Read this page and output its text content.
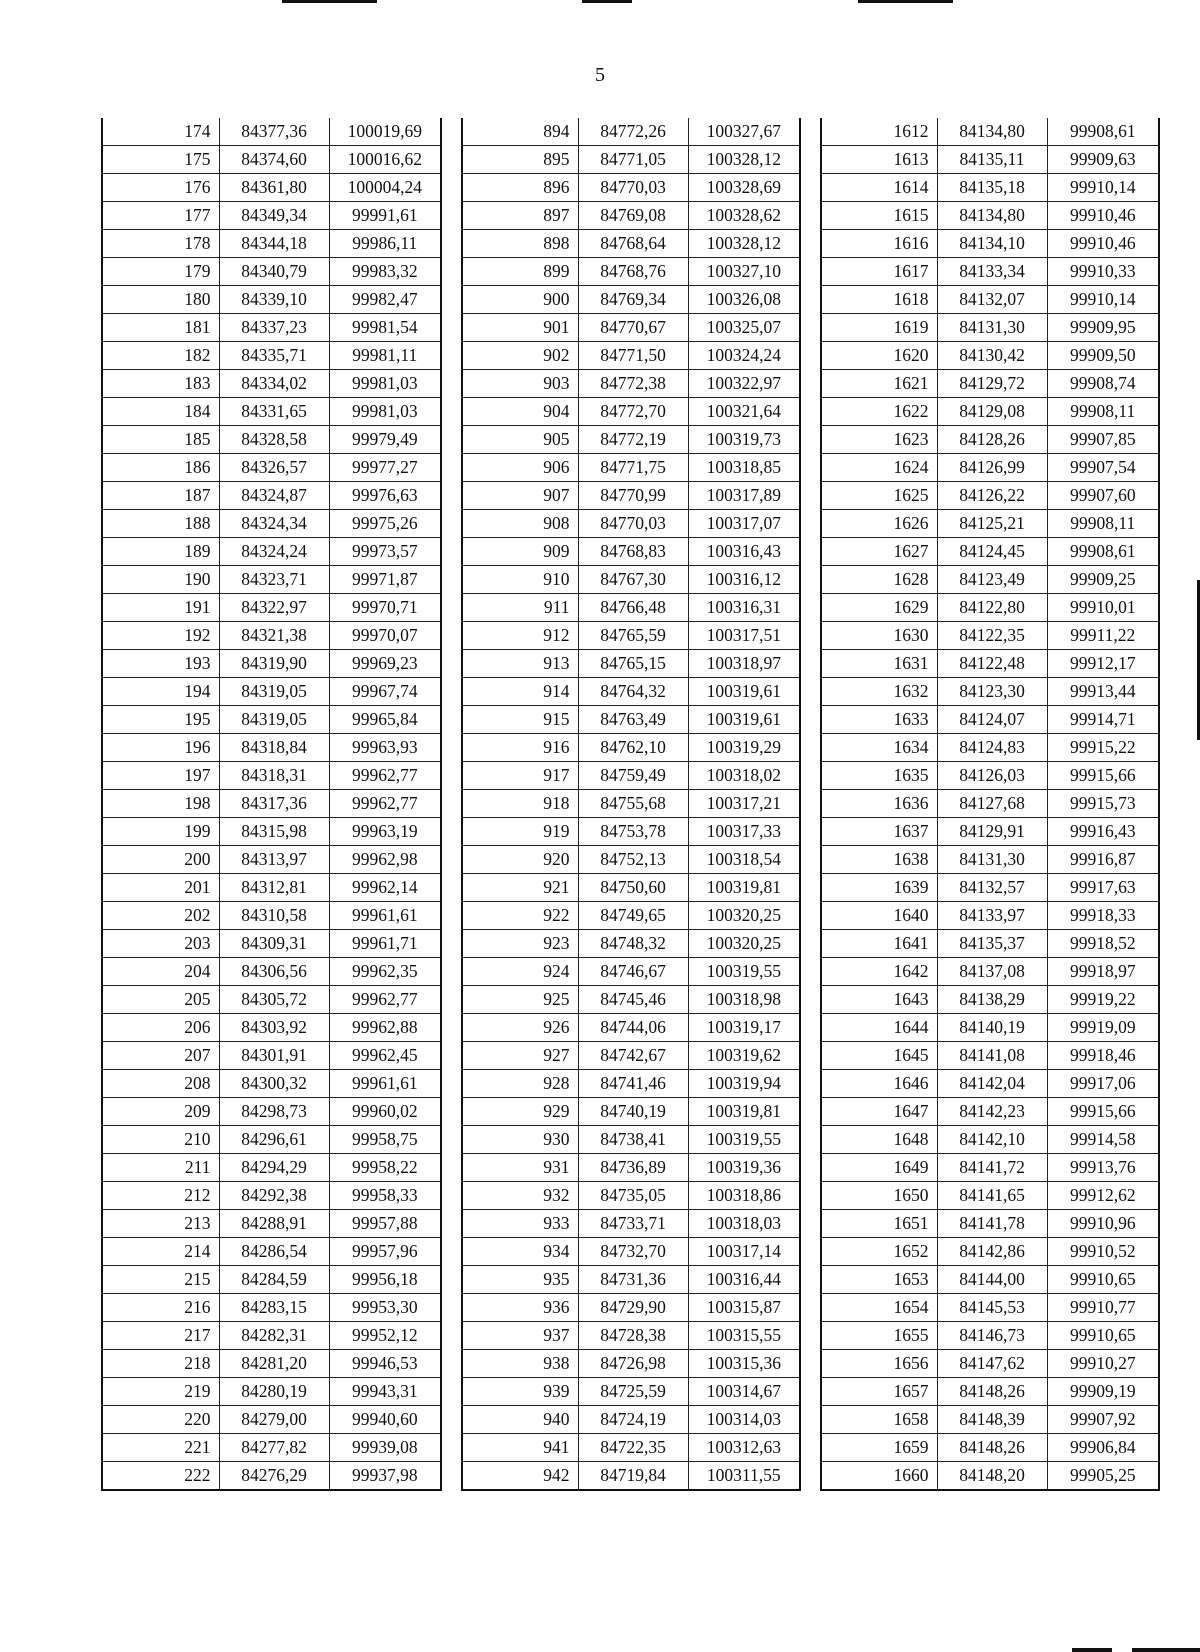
5
174	84377,36	100019,69
175	84374,60	100016,62
176	84361,80	100004,24
177	84349,34	99991,61
178	84344,18	99986,11
179	84340,79	99983,32
180	84339,10	99982,47
181	84337,23	99981,54
182	84335,71	99981,11
183	84334,02	99981,03
184	84331,65	99981,03
185	84328,58	99979,49
186	84326,57	99977,27
187	84324,87	99976,63
188	84324,34	99975,26
189	84324,24	99973,57
190	84323,71	99971,87
191	84322,97	99970,71
192	84321,38	99970,07
193	84319,90	99969,23
194	84319,05	99967,74
195	84319,05	99965,84
196	84318,84	99963,93
197	84318,31	99962,77
198	84317,36	99962,77
199	84315,98	99963,19
200	84313,97	99962,98
201	84312,81	99962,14
202	84310,58	99961,61
203	84309,31	99961,71
204	84306,56	99962,35
205	84305,72	99962,77
206	84303,92	99962,88
207	84301,91	99962,45
208	84300,32	99961,61
209	84298,73	99960,02
210	84296,61	99958,75
211	84294,29	99958,22
212	84292,38	99958,33
213	84288,91	99957,88
214	84286,54	99957,96
215	84284,59	99956,18
216	84283,15	99953,30
217	84282,31	99952,12
218	84281,20	99946,53
219	84280,19	99943,31
220	84279,00	99940,60
221	84277,82	99939,08
222	84276,29	99937,98
894	84772,26	100327,67
895	84771,05	100328,12
896	84770,03	100328,69
897	84769,08	100328,62
898	84768,64	100328,12
899	84768,76	100327,10
900	84769,34	100326,08
901	84770,67	100325,07
902	84771,50	100324,24
903	84772,38	100322,97
904	84772,70	100321,64
905	84772,19	100319,73
906	84771,75	100318,85
907	84770,99	100317,89
908	84770,03	100317,07
909	84768,83	100316,43
910	84767,30	100316,12
911	84766,48	100316,31
912	84765,59	100317,51
913	84765,15	100318,97
914	84764,32	100319,61
915	84763,49	100319,61
916	84762,10	100319,29
917	84759,49	100318,02
918	84755,68	100317,21
919	84753,78	100317,33
920	84752,13	100318,54
921	84750,60	100319,81
922	84749,65	100320,25
923	84748,32	100320,25
924	84746,67	100319,55
925	84745,46	100318,98
926	84744,06	100319,17
927	84742,67	100319,62
928	84741,46	100319,94
929	84740,19	100319,81
930	84738,41	100319,55
931	84736,89	100319,36
932	84735,05	100318,86
933	84733,71	100318,03
934	84732,70	100317,14
935	84731,36	100316,44
936	84729,90	100315,87
937	84728,38	100315,55
938	84726,98	100315,36
939	84725,59	100314,67
940	84724,19	100314,03
941	84722,35	100312,63
942	84719,84	100311,55
1612	84134,80	99908,61
1613	84135,11	99909,63
1614	84135,18	99910,14
1615	84134,80	99910,46
1616	84134,10	99910,46
1617	84133,34	99910,33
1618	84132,07	99910,14
1619	84131,30	99909,95
1620	84130,42	99909,50
1621	84129,72	99908,74
1622	84129,08	99908,11
1623	84128,26	99907,85
1624	84126,99	99907,54
1625	84126,22	99907,60
1626	84125,21	99908,11
1627	84124,45	99908,61
1628	84123,49	99909,25
1629	84122,80	99910,01
1630	84122,35	99911,22
1631	84122,48	99912,17
1632	84123,30	99913,44
1633	84124,07	99914,71
1634	84124,83	99915,22
1635	84126,03	99915,66
1636	84127,68	99915,73
1637	84129,91	99916,43
1638	84131,30	99916,87
1639	84132,57	99917,63
1640	84133,97	99918,33
1641	84135,37	99918,52
1642	84137,08	99918,97
1643	84138,29	99919,22
1644	84140,19	99919,09
1645	84141,08	99918,46
1646	84142,04	99917,06
1647	84142,23	99915,66
1648	84142,10	99914,58
1649	84141,72	99913,76
1650	84141,65	99912,62
1651	84141,78	99910,96
1652	84142,86	99910,52
1653	84144,00	99910,65
1654	84145,53	99910,77
1655	84146,73	99910,65
1656	84147,62	99910,27
1657	84148,26	99909,19
1658	84148,39	99907,92
1659	84148,26	99906,84
1660	84148,20	99905,25
